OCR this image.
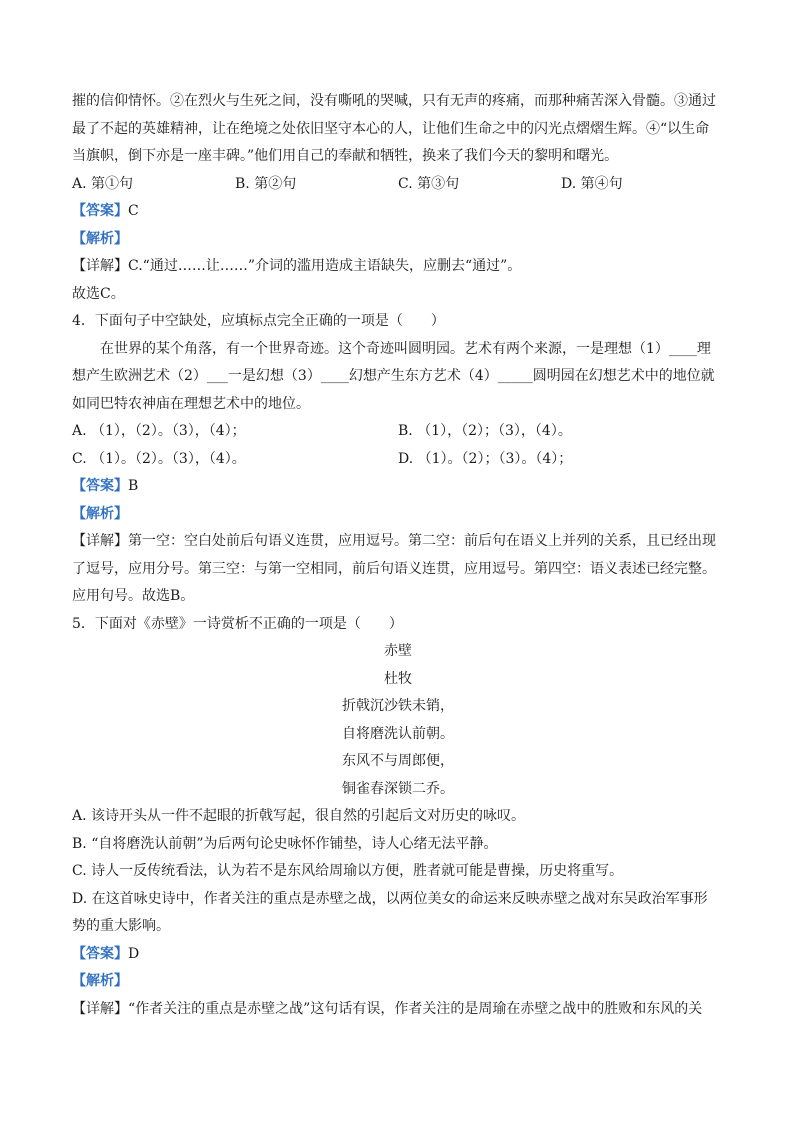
摧的信仰情怀。②在烈火与生死之间，没有嘶吼的哭喊，只有无声的疼痛，而那种痛苦深入骨髓。③通过
最了不起的英雄精神，让在绝境之处依旧坚守本心的人，让他们生命之中的闪光点熠熠生辉。④“以生命
当旗帜，倒下亦是一座丰碑。”他们用自己的奉献和牺牲，换来了我们今天的黎明和曙光。
A. 第①句	B. 第②句	C. 第③句	D. 第④句
【答案】C
【解析】
【详解】C.“通过……让……”介词的滥用造成主语缺失，应删去“通过”。
故选C。
4．下面句子中空缺处，应填标点完全正确的一项是（　　）
在世界的某个角落，有一个世界奇迹。这个奇迹叫圆明园。艺术有两个来源，一是理想（1）____理
想产生欧洲艺术（2）___一是幻想（3）____幻想产生东方艺术（4）_____圆明园在幻想艺术中的地位就
如同巴特农神庙在理想艺术中的地位。
A. （1），（2）。（3），（4）；	B. （1），（2）；（3），（4）。
C. （1）。（2）。（3），（4）。	D. （1）。（2）；（3）。（4）；
【答案】B
【解析】
【详解】第一空：空白处前后句语义连贯，应用逗号。第二空：前后句在语义上并列的关系，且已经出现
了逗号，应用分号。第三空：与第一空相同，前后句语义连贯，应用逗号。第四空：语义表述已经完整。
应用句号。故选B。
5．下面对《赤壁》一诗赏析不正确的一项是（　　）
赤壁
杜牧
折戟沉沙铁未销，
自将磨洗认前朝。
东风不与周郎便，
铜雀春深锁二乔。
A. 该诗开头从一件不起眼的折戟写起，很自然的引起后文对历史的咏叹。
B. “自将磨洗认前朝”为后两句论史咏怀作铺垫，诗人心绪无法平静。
C. 诗人一反传统看法，认为若不是东风给周瑜以方便，胜者就可能是曹操，历史将重写。
D. 在这首咏史诗中，作者关注的重点是赤壁之战，以两位美女的命运来反映赤壁之战对东吴政治军事形
势的重大影响。
【答案】D
【解析】
【详解】“作者关注的重点是赤壁之战”这句话有误，作者关注的是周瑜在赤壁之战中的胜败和东风的关
